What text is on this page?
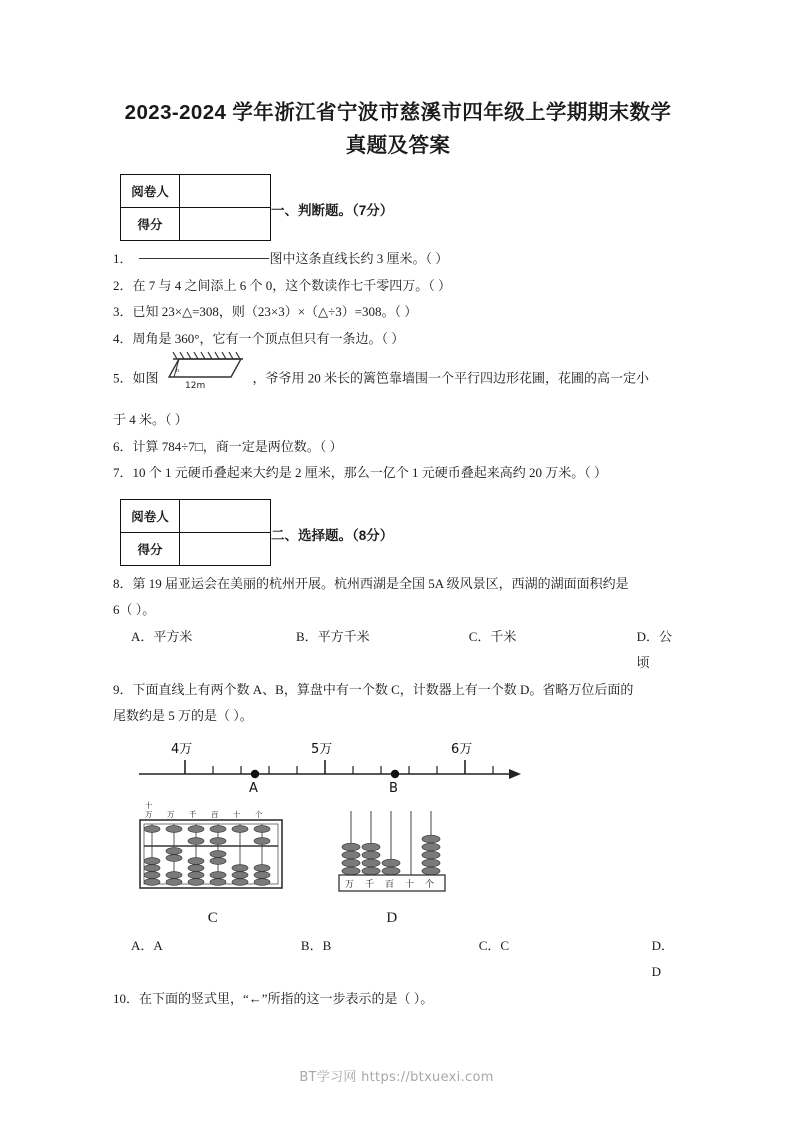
2023-2024 学年浙江省宁波市慈溪市四年级上学期期末数学
真题及答案
阅卷人	
得分	
一、判断题。（7分）
1．	图中这条直线长约 3 厘米。（ ）
2．在 7 与 4 之间添上 6 个 0，这个数读作七千零四万。（ ）
3．已知 23×△=308，则（23×3）×（△÷3）=308。（ ）
4．周角是 360°，它有一个顶点但只有一条边。（ ）
5．如图	h
12m
，爷爷用 20 米长的篱笆靠墙围一个平行四边形花圃，花圃的高一定小
于 4 米。（ ）
6．计算 784÷7□，商一定是两位数。（ ）
7．10 个 1 元硬币叠起来大约是 2 厘米，那么一亿个 1 元硬币叠起来高约 20 万米。（ ）
阅卷人	
得分	
二、选择题。（8分）
8．第 19 届亚运会在美丽的杭州开展。杭州西湖是全国 5A 级风景区，西湖的湖面面积约是
6（ ）。
A．平方米	B．平方千米	C．千米	D．公顷
9．下面直线上有两个数 A、B，算盘中有一个数 C，计数器上有一个数 D。省略万位后面的
尾数约是 5 万的是（ ）。
4万	5万	6万
A	B
十
万 万 千 百 十 个
C
万 千 百 十 个
D
A．A	B．B	C．C	D．D
10．在下面的竖式里，“←”所指的这一步表示的是（ ）。
BT学习网 https://btxuexi.com
